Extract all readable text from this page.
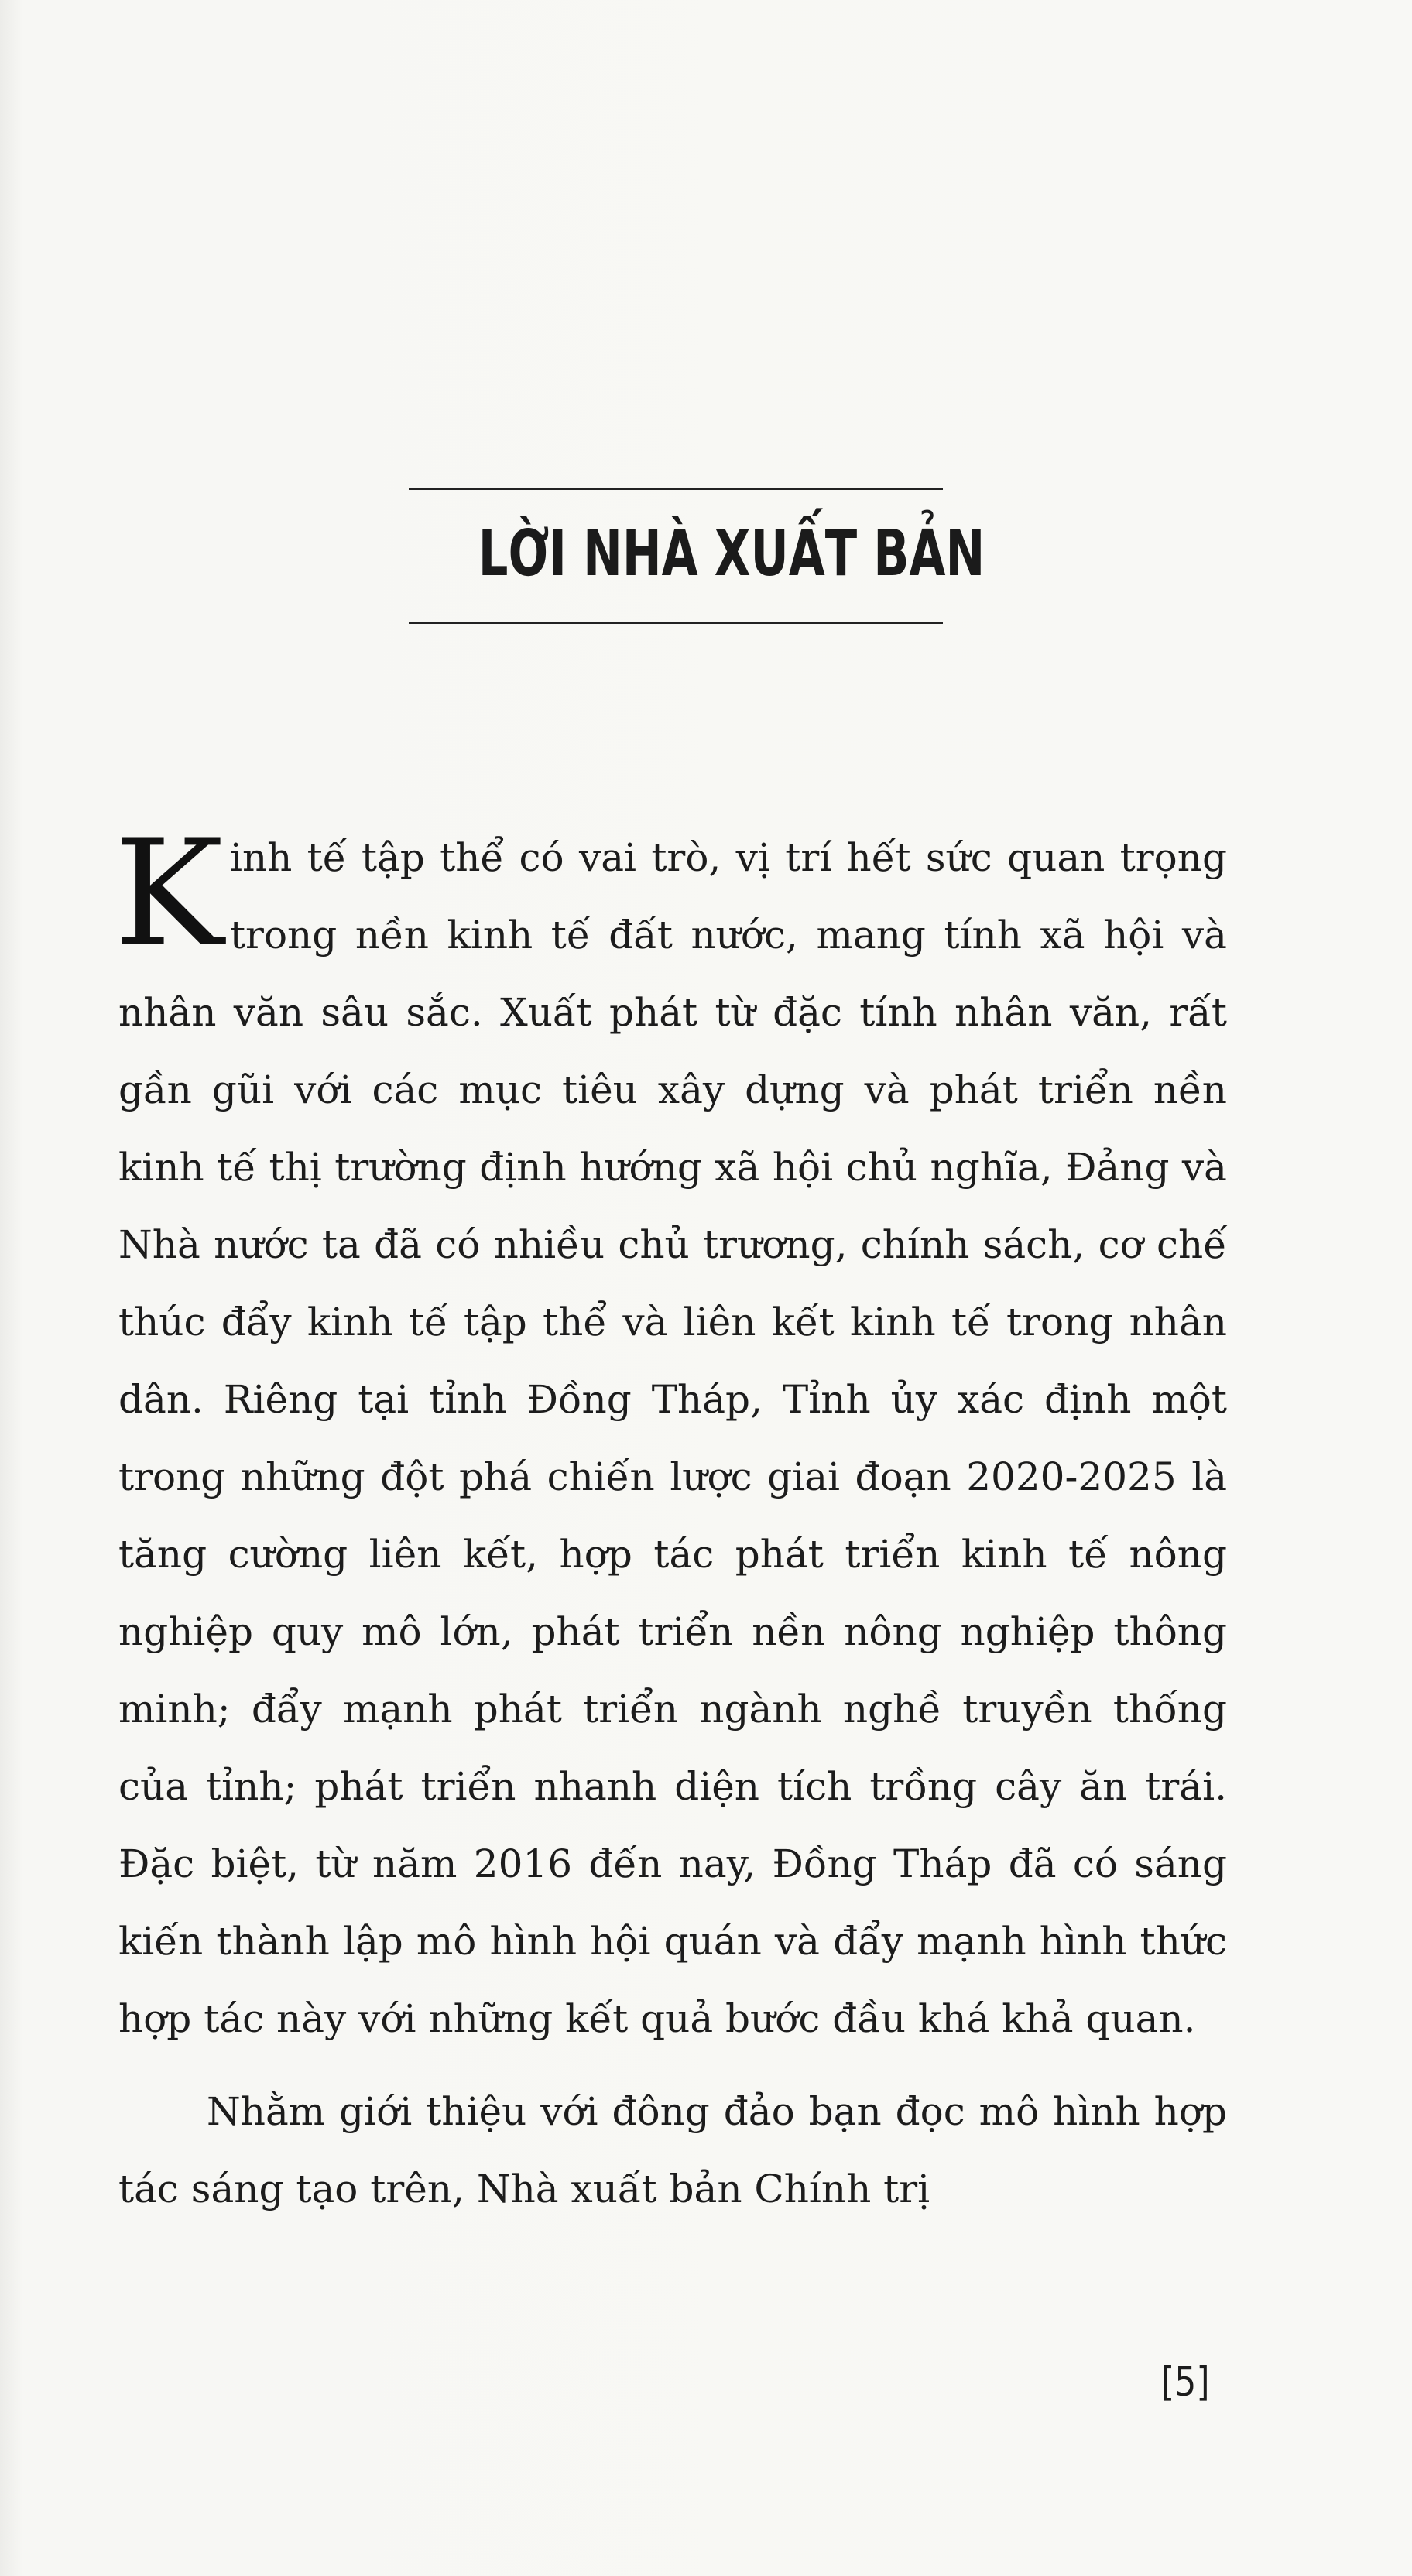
LỜI NHÀ XUẤT BẢN

Kinh tế tập thể có vai trò, vị trí hết sức quan trọng trong nền kinh tế đất nước, mang tính xã hội và nhân văn sâu sắc. Xuất phát từ đặc tính nhân văn, rất gần gũi với các mục tiêu xây dựng và phát triển nền kinh tế thị trường định hướng xã hội chủ nghĩa, Đảng và Nhà nước ta đã có nhiều chủ trương, chính sách, cơ chế thúc đẩy kinh tế tập thể và liên kết kinh tế trong nhân dân. Riêng tại tỉnh Đồng Tháp, Tỉnh ủy xác định một trong những đột phá chiến lược giai đoạn 2020-2025 là tăng cường liên kết, hợp tác phát triển kinh tế nông nghiệp quy mô lớn, phát triển nền nông nghiệp thông minh; đẩy mạnh phát triển ngành nghề truyền thống của tỉnh; phát triển nhanh diện tích trồng cây ăn trái. Đặc biệt, từ năm 2016 đến nay, Đồng Tháp đã có sáng kiến thành lập mô hình hội quán và đẩy mạnh hình thức hợp tác này với những kết quả bước đầu khá khả quan.

Nhằm giới thiệu với đông đảo bạn đọc mô hình hợp tác sáng tạo trên, Nhà xuất bản Chính trị

[5]
